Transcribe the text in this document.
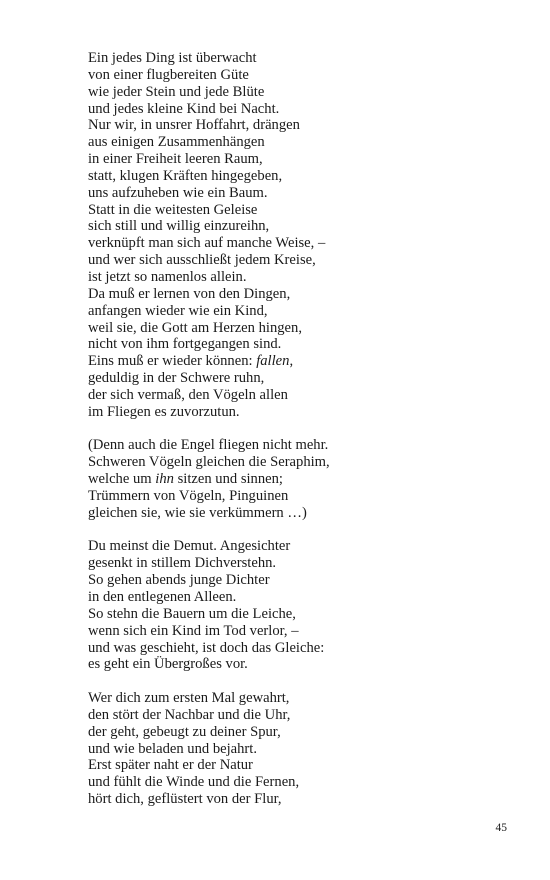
Ein jedes Ding ist überwacht
von einer flugbereiten Güte
wie jeder Stein und jede Blüte
und jedes kleine Kind bei Nacht.
Nur wir, in unsrer Hoffahrt, drängen
aus einigen Zusammenhängen
in einer Freiheit leeren Raum,
statt, klugen Kräften hingegeben,
uns aufzuheben wie ein Baum.
Statt in die weitesten Geleise
sich still und willig einzureihn,
verknüpft man sich auf manche Weise, –
und wer sich ausschließt jedem Kreise,
ist jetzt so namenlos allein.
Da muß er lernen von den Dingen,
anfangen wieder wie ein Kind,
weil sie, die Gott am Herzen hingen,
nicht von ihm fortgegangen sind.
Eins muß er wieder können: fallen,
geduldig in der Schwere ruhn,
der sich vermaß, den Vögeln allen
im Fliegen es zuvorzutun.
(Denn auch die Engel fliegen nicht mehr.
Schweren Vögeln gleichen die Seraphim,
welche um ihn sitzen und sinnen;
Trümmern von Vögeln, Pinguinen
gleichen sie, wie sie verkümmern …)
Du meinst die Demut. Angesichter
gesenkt in stillem Dichverstehn.
So gehen abends junge Dichter
in den entlegenen Alleen.
So stehn die Bauern um die Leiche,
wenn sich ein Kind im Tod verlor, –
und was geschieht, ist doch das Gleiche:
es geht ein Übergroßes vor.
Wer dich zum ersten Mal gewahrt,
den stört der Nachbar und die Uhr,
der geht, gebeugt zu deiner Spur,
und wie beladen und bejahrt.
Erst später naht er der Natur
und fühlt die Winde und die Fernen,
hört dich, geflüstert von der Flur,
45
